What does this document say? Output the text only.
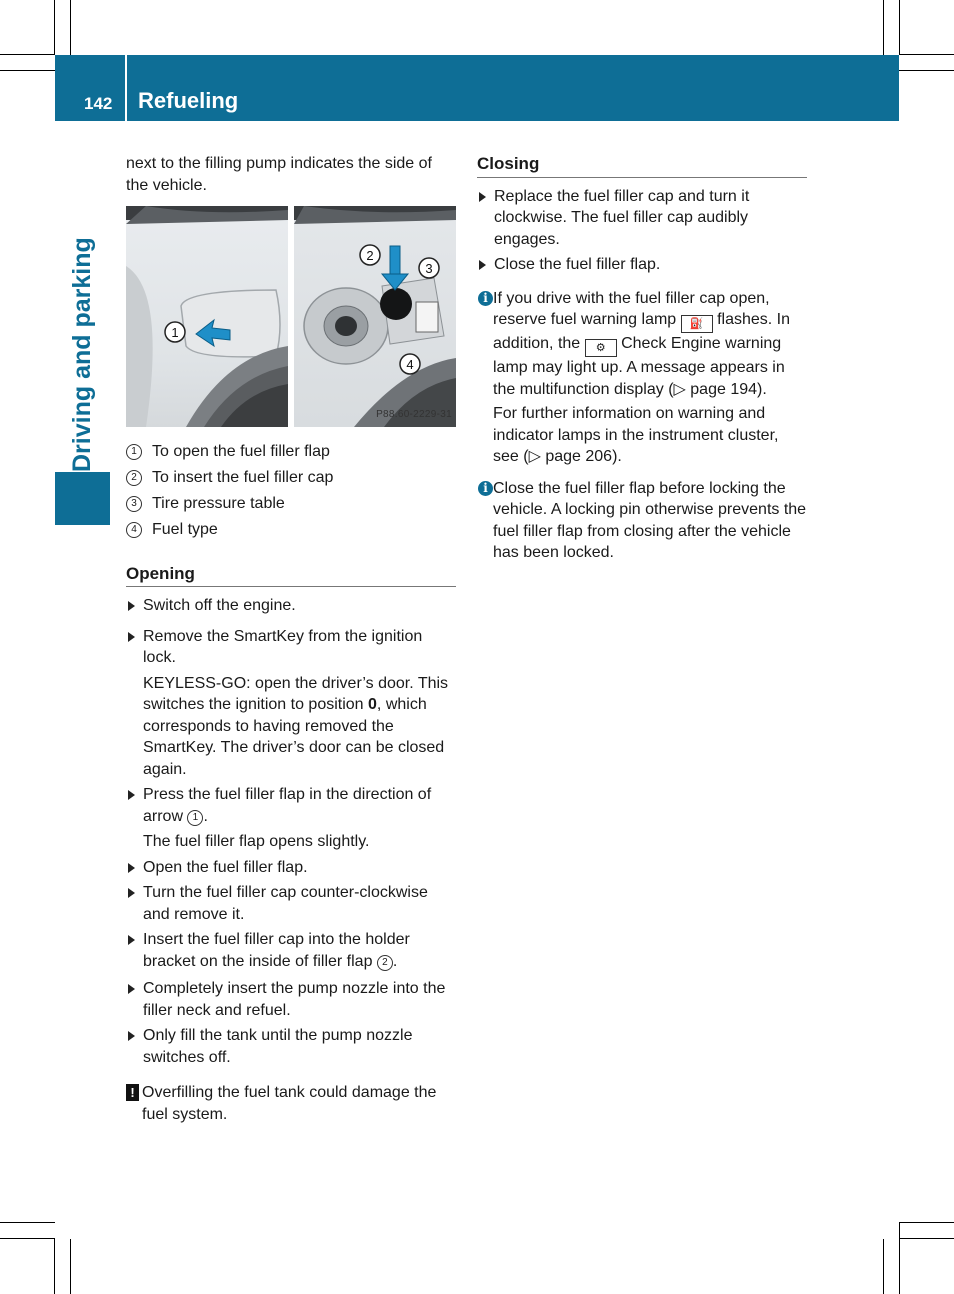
142 Refueling
Driving and parking

next to the filling pump indicates the side of the vehicle.

1
2
3
4
P88.60-2229-31
1 To open the fuel filler flap
2 To insert the fuel filler cap
3 Tire pressure table
4 Fuel type
Opening
Switch off the engine.
Remove the SmartKey from the ignition lock.

KEYLESS-GO: open the driver’s door. This switches the ignition to position 0, which corresponds to having removed the SmartKey. The driver’s door can be closed again.

Press the fuel filler flap in the direction of arrow 1 .

The fuel filler flap opens slightly.

Open the fuel filler flap.
Turn the fuel filler cap counter-clockwise and remove it.
Insert the fuel filler cap into the holder bracket on the inside of filler flap 2 .
Completely insert the pump nozzle into the filler neck and refuel.
Only fill the tank until the pump nozzle switches off.
! Overfilling the fuel tank could damage the fuel system.
Closing
Replace the fuel filler cap and turn it clockwise. The fuel filler cap audibly engages.
Close the fuel filler flap.
i If you drive with the fuel filler cap open, reserve fuel warning lamp ⛽ flashes. In addition, the ⚙ Check Engine warning lamp may light up. A message appears in the multifunction display (▷ page 194).

For further information on warning and indicator lamps in the instrument cluster, see (▷ page 206).

i Close the fuel filler flap before locking the vehicle. A locking pin otherwise prevents the fuel filler flap from closing after the vehicle has been locked.
